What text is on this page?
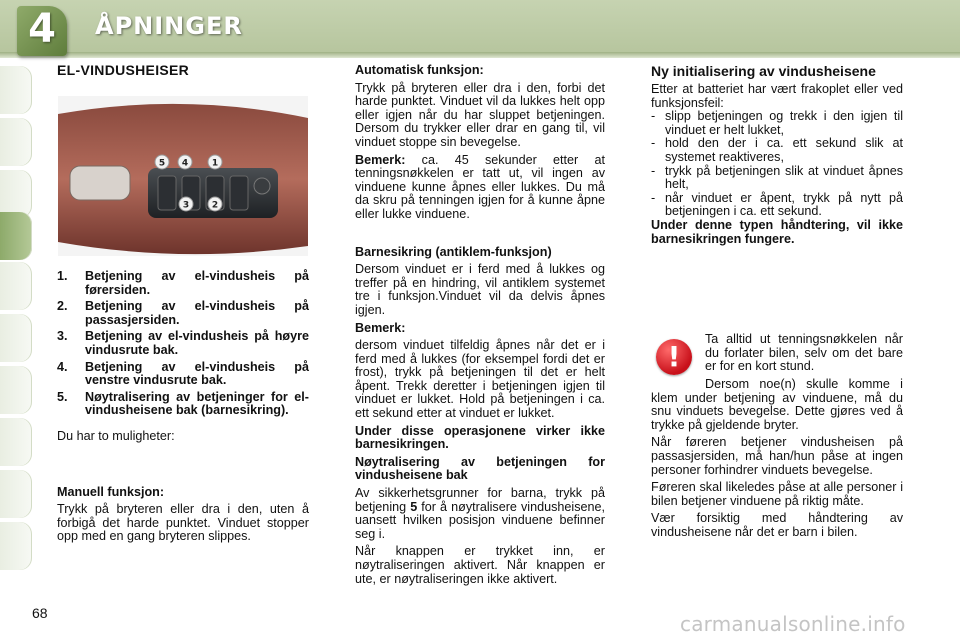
4	ÅPNINGER

EL-VINDUSHEISER

5 4	1
3	2
1. Betjening av el-vindusheis på førersiden.
2. Betjening av el-vindusheis på passasjersiden.
3. Betjening av el-vindusheis på høyre vindusrute bak.
4. Betjening av el-vindusheis på venstre vindusrute bak.
5. Nøytralisering av betjeninger for el-vindusheisene bak (barnesikring).

Du har to muligheter:

Manuell funksjon:

Trykk på bryteren eller dra i den, uten å forbigå det harde punktet. Vinduet stopper opp med en gang bryteren slippes.

Automatisk funksjon:

Trykk på bryteren eller dra i den, forbi det harde punktet. Vinduet vil da lukkes helt opp eller igjen når du har sluppet betjeningen. Dersom du trykker eller drar en gang til, vil vinduet stoppe sin bevegelse.

Bemerk: ca. 45 sekunder etter at tenningsnøkkelen er tatt ut, vil ingen av vinduene kunne åpnes eller lukkes. Du må da skru på tenningen igjen for å kunne åpne eller lukke vinduene.

Barnesikring (antiklem-funksjon)

Dersom vinduet er i ferd med å lukkes og treffer på en hindring, vil antiklem systemet tre i funksjon.Vinduet vil da delvis åpnes igjen.

Bemerk:

dersom vinduet tilfeldig åpnes når det er i ferd med å lukkes (for eksempel fordi det er frost), trykk på betjeningen til det er helt åpent. Trekk deretter i betjeningen igjen til vinduet er lukket. Hold på betjeningen i ca. ett sekund etter at vinduet er lukket.

Under disse operasjonene virker ikke barnesikringen.

Nøytralisering av betjeningen for vindusheisene bak

Av sikkerhetsgrunner for barna, trykk på betjening 5 for å nøytralisere vindusheisene, uansett hvilken posisjon vinduene befinner seg i.

Når knappen er trykket inn, er nøytraliseringen aktivert. Når knappen er ute, er nøytraliseringen ikke aktivert.

Ny initialisering av vindusheisene

Etter at batteriet har vært frakoplet eller ved funksjonsfeil:

- slipp betjeningen og trekk i den igjen til vinduet er helt lukket,
- hold den der i ca. ett sekund slik at systemet reaktiveres,
- trykk på betjeningen slik at vinduet åpnes helt,
- når vinduet er åpent, trykk på nytt på betjeningen i ca. ett sekund.

Under denne typen håndtering, vil ikke barnesikringen fungere.

!

Ta alltid ut tenningsnøkkelen når du forlater bilen, selv om det bare er for en kort stund.

Dersom noe(n) skulle komme i klem under betjening av vinduene, må du snu vinduets bevegelse. Dette gjøres ved å trykke på gjeldende bryter.

Når føreren betjener vindusheisen på passasjersiden, må han/hun påse at ingen personer forhindrer vinduets bevegelse.

Føreren skal likeledes påse at alle personer i bilen betjener vinduene på riktig måte.

Vær forsiktig med håndtering av vindusheisene når det er barn i bilen.

68	carmanualsonline.info
